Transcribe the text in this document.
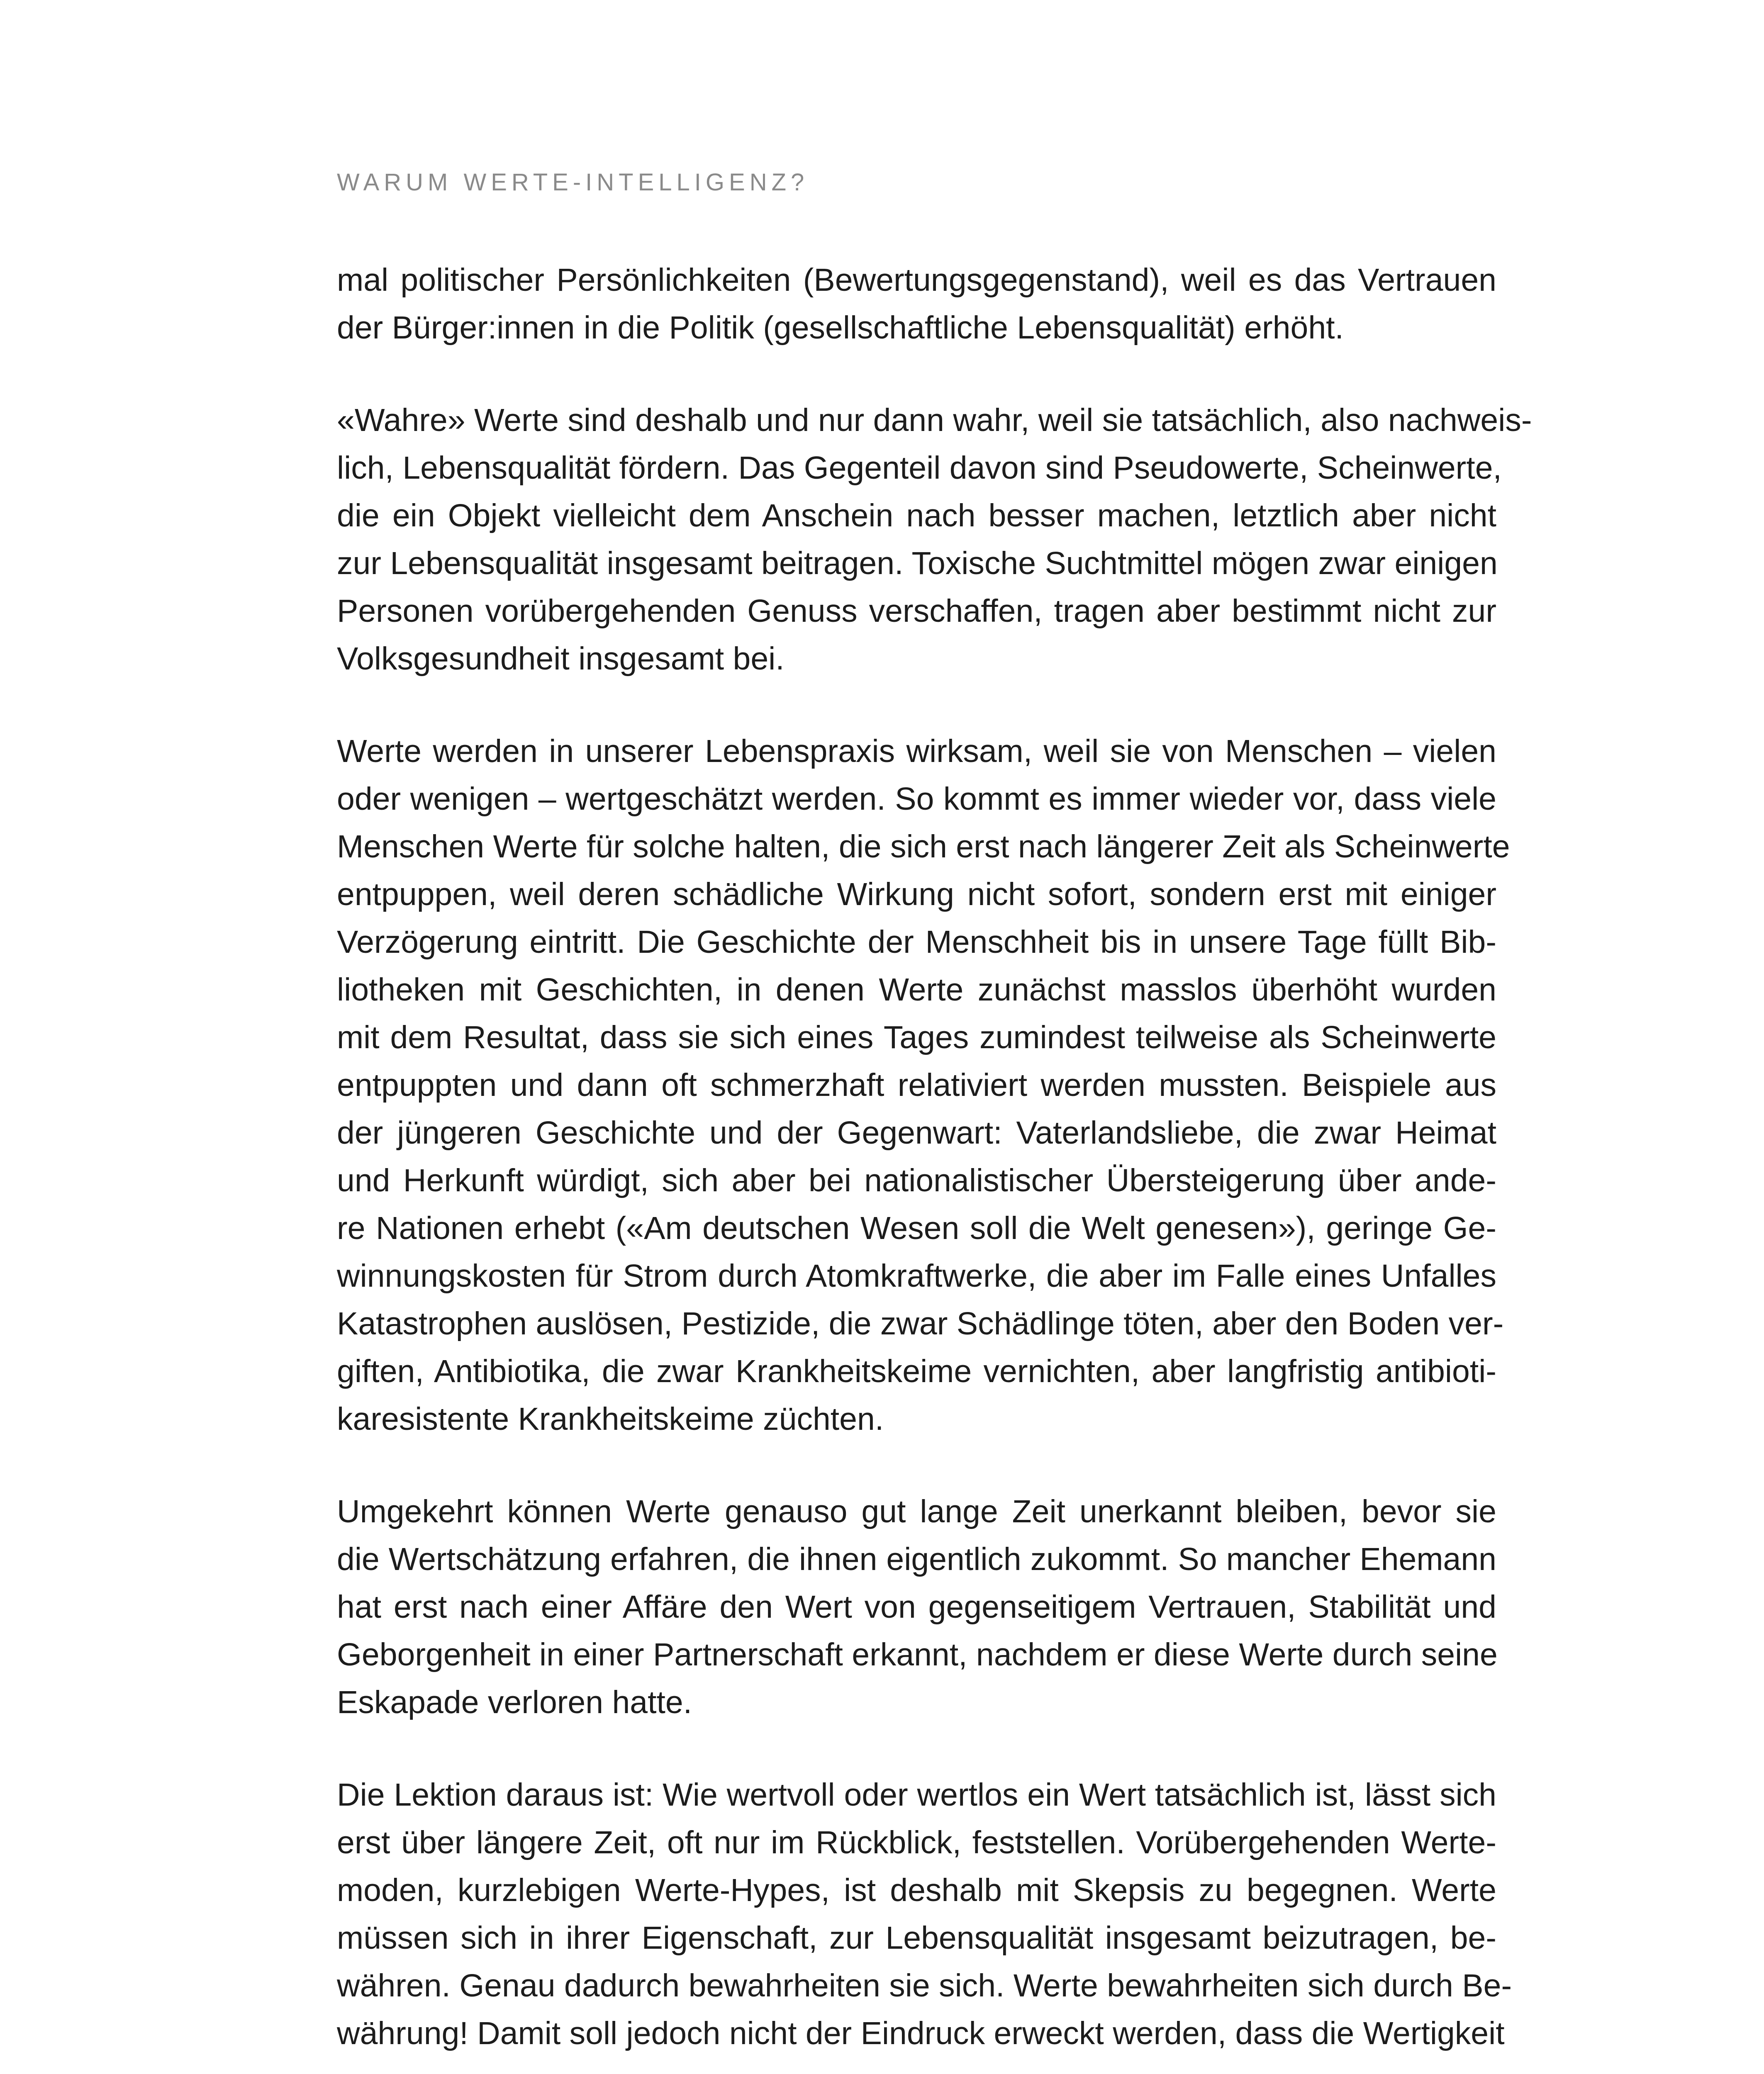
WARUM WERTE-INTELLIGENZ?
mal politischer Persönlichkeiten (Bewertungsgegenstand), weil es das Vertrauen
der Bürger:innen in die Politik (gesellschaftliche Lebensqualität) erhöht.
«Wahre» Werte sind deshalb und nur dann wahr, weil sie tatsächlich, also nachweis-
lich, Lebensqualität fördern. Das Gegenteil davon sind Pseudowerte, Scheinwerte,
die ein Objekt vielleicht dem Anschein nach besser machen, letztlich aber nicht
zur Lebensqualität insgesamt beitragen. Toxische Suchtmittel mögen zwar einigen
Personen vorübergehenden Genuss verschaffen, tragen aber bestimmt nicht zur
Volksgesundheit insgesamt bei.
Werte werden in unserer Lebenspraxis wirksam, weil sie von Menschen – vielen
oder wenigen – wertgeschätzt werden. So kommt es immer wieder vor, dass viele
Menschen Werte für solche halten, die sich erst nach längerer Zeit als Scheinwerte
entpuppen, weil deren schädliche Wirkung nicht sofort, sondern erst mit einiger
Verzögerung eintritt. Die Geschichte der Menschheit bis in unsere Tage füllt Bib-
liotheken mit Geschichten, in denen Werte zunächst masslos überhöht wurden
mit dem Resultat, dass sie sich eines Tages zumindest teilweise als Scheinwerte
entpuppten und dann oft schmerzhaft relativiert werden mussten. Beispiele aus
der jüngeren Geschichte und der Gegenwart: Vaterlandsliebe, die zwar Heimat
und Herkunft würdigt, sich aber bei nationalistischer Übersteigerung über ande-
re Nationen erhebt («Am deutschen Wesen soll die Welt genesen»), geringe Ge-
winnungskosten für Strom durch Atomkraftwerke, die aber im Falle eines Unfalles
Katastrophen auslösen, Pestizide, die zwar Schädlinge töten, aber den Boden ver-
giften, Antibiotika, die zwar Krankheitskeime vernichten, aber langfristig antibioti-
karesistente Krankheitskeime züchten.
Umgekehrt können Werte genauso gut lange Zeit unerkannt bleiben, bevor sie
die Wertschätzung erfahren, die ihnen eigentlich zukommt. So mancher Ehemann
hat erst nach einer Affäre den Wert von gegenseitigem Vertrauen, Stabilität und
Geborgenheit in einer Partnerschaft erkannt, nachdem er diese Werte durch seine
Eskapade verloren hatte.
Die Lektion daraus ist: Wie wertvoll oder wertlos ein Wert tatsächlich ist, lässt sich
erst über längere Zeit, oft nur im Rückblick, feststellen. Vorübergehenden Werte-
moden, kurzlebigen Werte-Hypes, ist deshalb mit Skepsis zu begegnen. Werte
müssen sich in ihrer Eigenschaft, zur Lebensqualität insgesamt beizutragen, be-
währen. Genau dadurch bewahrheiten sie sich. Werte bewahrheiten sich durch Be-
währung! Damit soll jedoch nicht der Eindruck erweckt werden, dass die Wertigkeit
